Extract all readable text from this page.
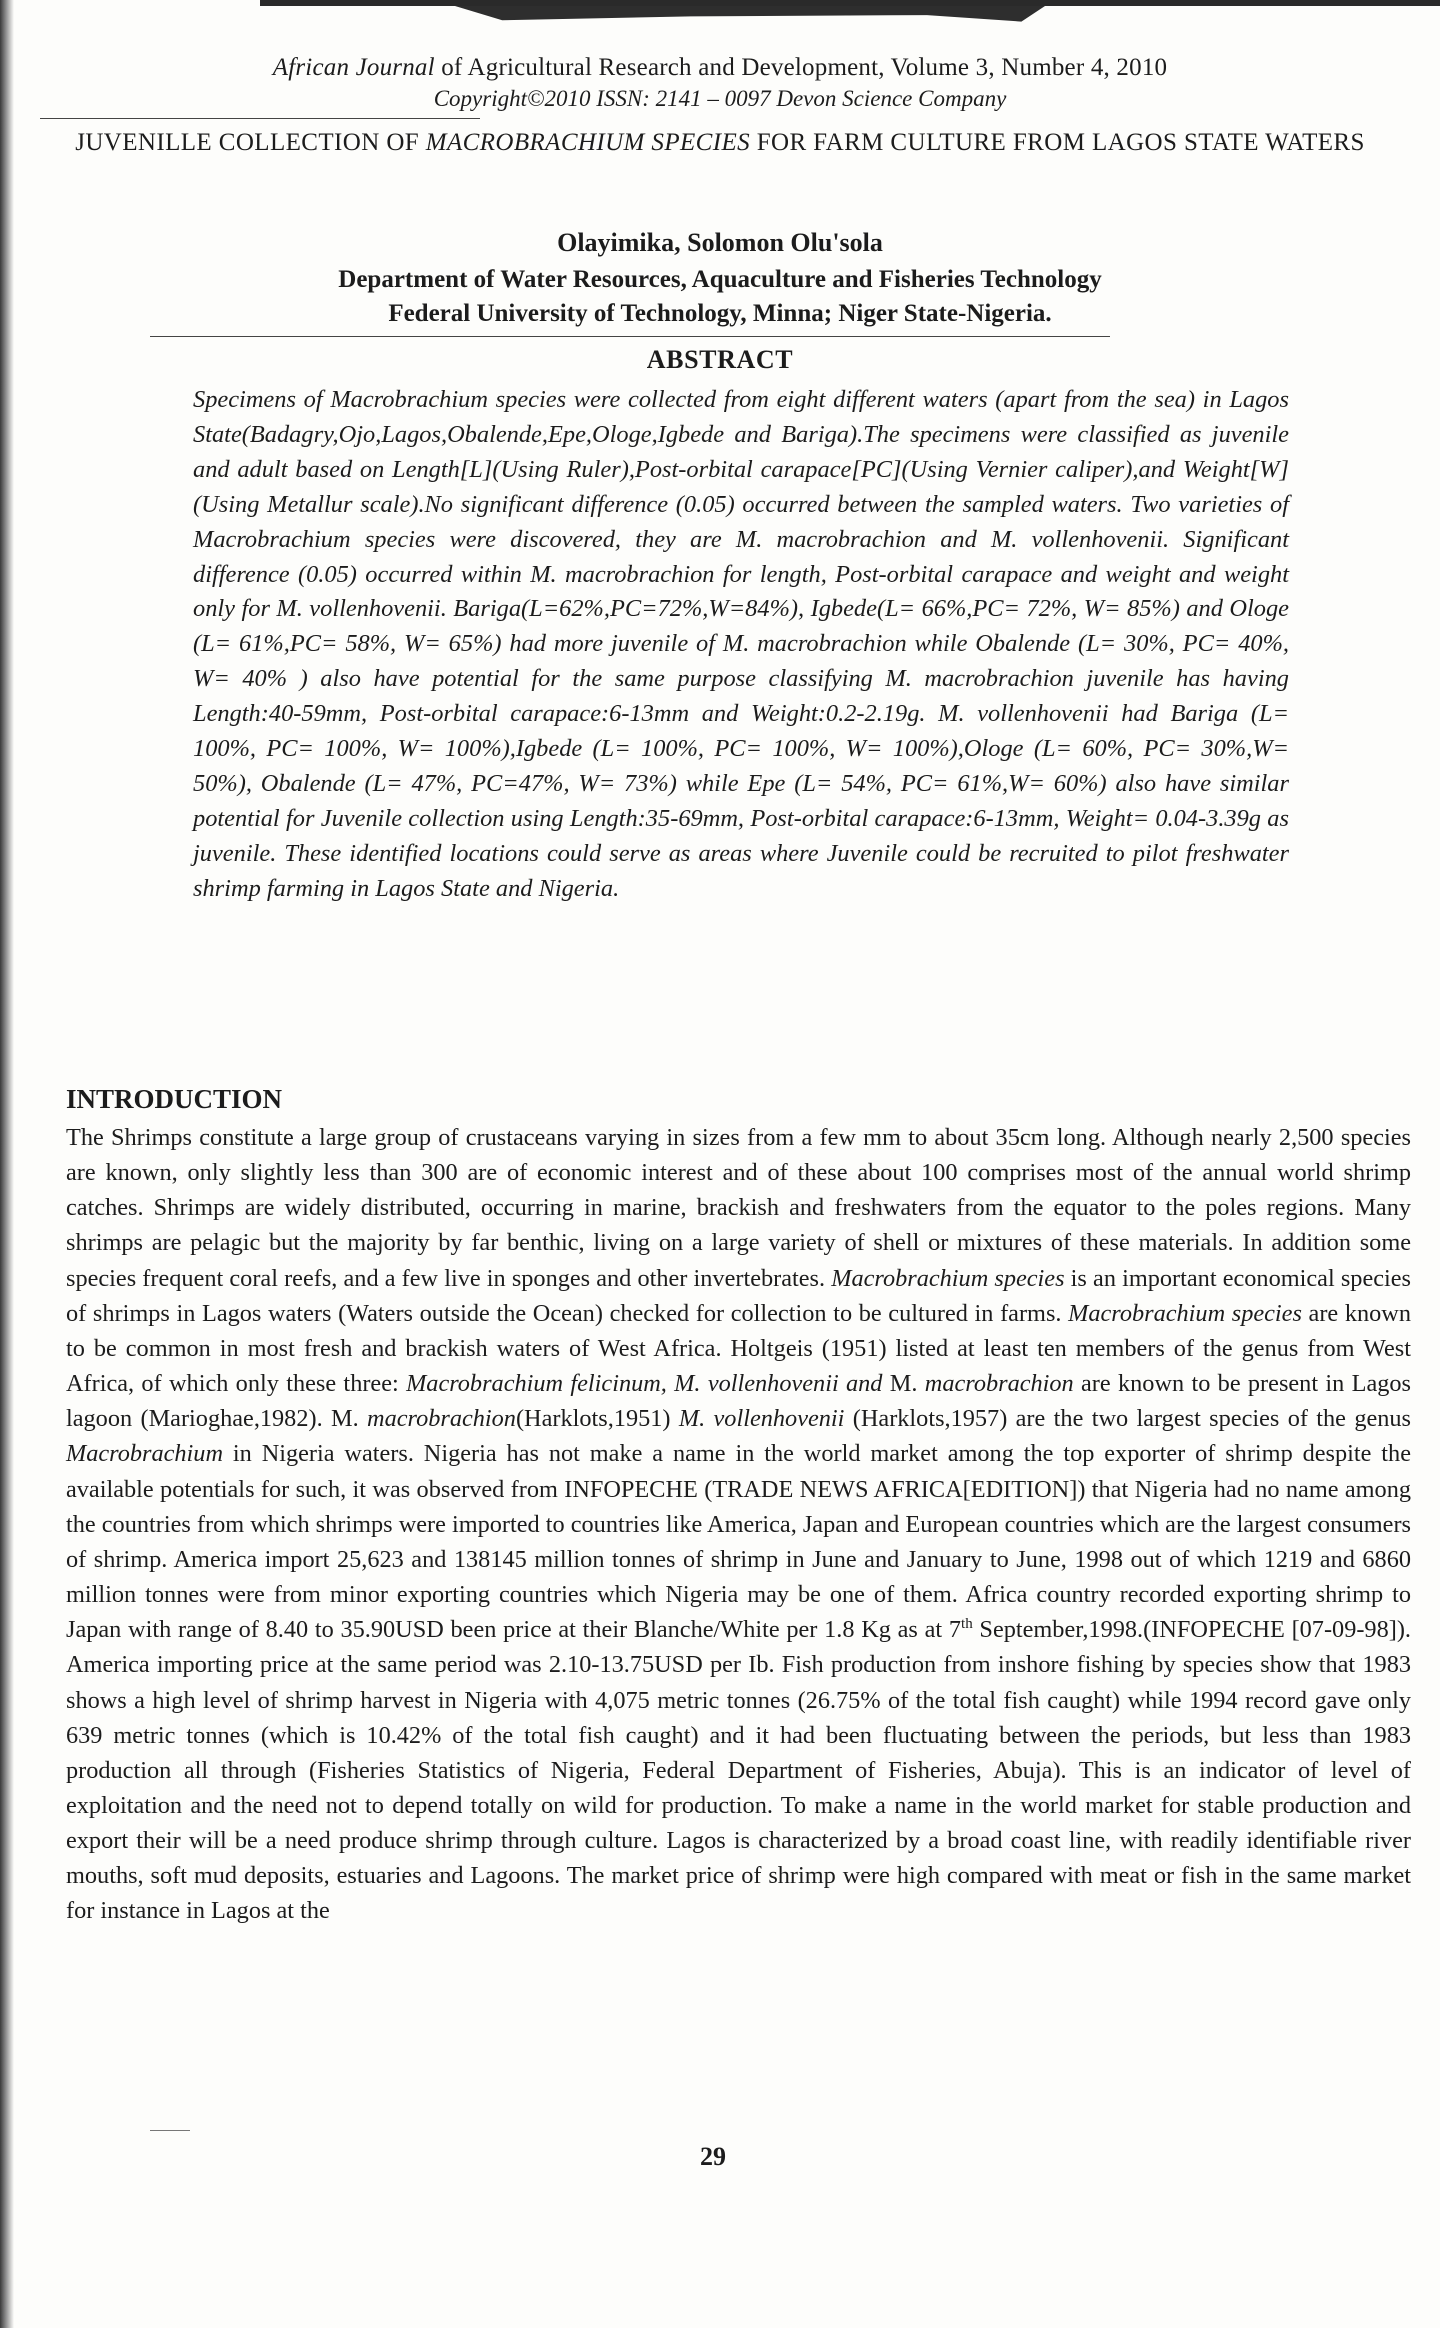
African Journal of Agricultural Research and Development, Volume 3, Number 4, 2010
Copyright©2010 ISSN: 2141 – 0097 Devon Science Company
JUVENILLE COLLECTION OF MACROBRACHIUM SPECIES FOR FARM CULTURE FROM LAGOS STATE WATERS
Olayimika, Solomon Olu'sola
Department of Water Resources, Aquaculture and Fisheries Technology
Federal University of Technology, Minna; Niger State-Nigeria.
ABSTRACT

Specimens of Macrobrachium species were collected from eight different waters (apart from the sea) in Lagos State(Badagry,Ojo,Lagos,Obalende,Epe,Ologe,Igbede and Bariga).The specimens were classified as juvenile and adult based on Length[L](Using Ruler),Post-orbital carapace[PC](Using Vernier caliper),and Weight[W](Using Metallur scale).No significant difference (0.05) occurred between the sampled waters. Two varieties of Macrobrachium species were discovered, they are M. macrobrachion and M. vollenhovenii. Significant difference (0.05) occurred within M. macrobrachion for length, Post-orbital carapace and weight and weight only for M. vollenhovenii. Bariga(L=62%,PC=72%,W=84%), Igbede(L= 66%,PC= 72%, W= 85%) and Ologe (L= 61%,PC= 58%, W= 65%) had more juvenile of M. macrobrachion while Obalende (L= 30%, PC= 40%, W= 40% ) also have potential for the same purpose classifying M. macrobrachion juvenile has having Length:40-59mm, Post-orbital carapace:6-13mm and Weight:0.2-2.19g. M. vollenhovenii had Bariga (L= 100%, PC= 100%, W= 100%),Igbede (L= 100%, PC= 100%, W= 100%),Ologe (L= 60%, PC= 30%,W= 50%), Obalende (L= 47%, PC=47%, W= 73%) while Epe (L= 54%, PC= 61%,W= 60%) also have similar potential for Juvenile collection using Length:35-69mm, Post-orbital carapace:6-13mm, Weight= 0.04-3.39g as juvenile. These identified locations could serve as areas where Juvenile could be recruited to pilot freshwater shrimp farming in Lagos State and Nigeria.

INTRODUCTION

The Shrimps constitute a large group of crustaceans varying in sizes from a few mm to about 35cm long. Although nearly 2,500 species are known, only slightly less than 300 are of economic interest and of these about 100 comprises most of the annual world shrimp catches. Shrimps are widely distributed, occurring in marine, brackish and freshwaters from the equator to the poles regions. Many shrimps are pelagic but the majority by far benthic, living on a large variety of shell or mixtures of these materials. In addition some species frequent coral reefs, and a few live in sponges and other invertebrates. Macrobrachium species is an important economical species of shrimps in Lagos waters (Waters outside the Ocean) checked for collection to be cultured in farms. Macrobrachium species are known to be common in most fresh and brackish waters of West Africa. Holtgeis (1951) listed at least ten members of the genus from West Africa, of which only these three: Macrobrachium felicinum, M. vollenhovenii and M. macrobrachion are known to be present in Lagos lagoon (Marioghae,1982). M. macrobrachion(Harklots,1951) M. vollenhovenii (Harklots,1957) are the two largest species of the genus Macrobrachium in Nigeria waters. Nigeria has not make a name in the world market among the top exporter of shrimp despite the available potentials for such, it was observed from INFOPECHE (TRADE NEWS AFRICA[EDITION]) that Nigeria had no name among the countries from which shrimps were imported to countries like America, Japan and European countries which are the largest consumers of shrimp. America import 25,623 and 138145 million tonnes of shrimp in June and January to June, 1998 out of which 1219 and 6860 million tonnes were from minor exporting countries which Nigeria may be one of them. Africa country recorded exporting shrimp to Japan with range of 8.40 to 35.90USD been price at their Blanche/White per 1.8 Kg as at 7th September,1998.(INFOPECHE [07-09-98]). America importing price at the same period was 2.10-13.75USD per Ib. Fish production from inshore fishing by species show that 1983 shows a high level of shrimp harvest in Nigeria with 4,075 metric tonnes (26.75% of the total fish caught) while 1994 record gave only 639 metric tonnes (which is 10.42% of the total fish caught) and it had been fluctuating between the periods, but less than 1983 production all through (Fisheries Statistics of Nigeria, Federal Department of Fisheries, Abuja). This is an indicator of level of exploitation and the need not to depend totally on wild for production. To make a name in the world market for stable production and export their will be a need produce shrimp through culture. Lagos is characterized by a broad coast line, with readily identifiable river mouths, soft mud deposits, estuaries and Lagoons. The market price of shrimp were high compared with meat or fish in the same market for instance in Lagos at the

29
